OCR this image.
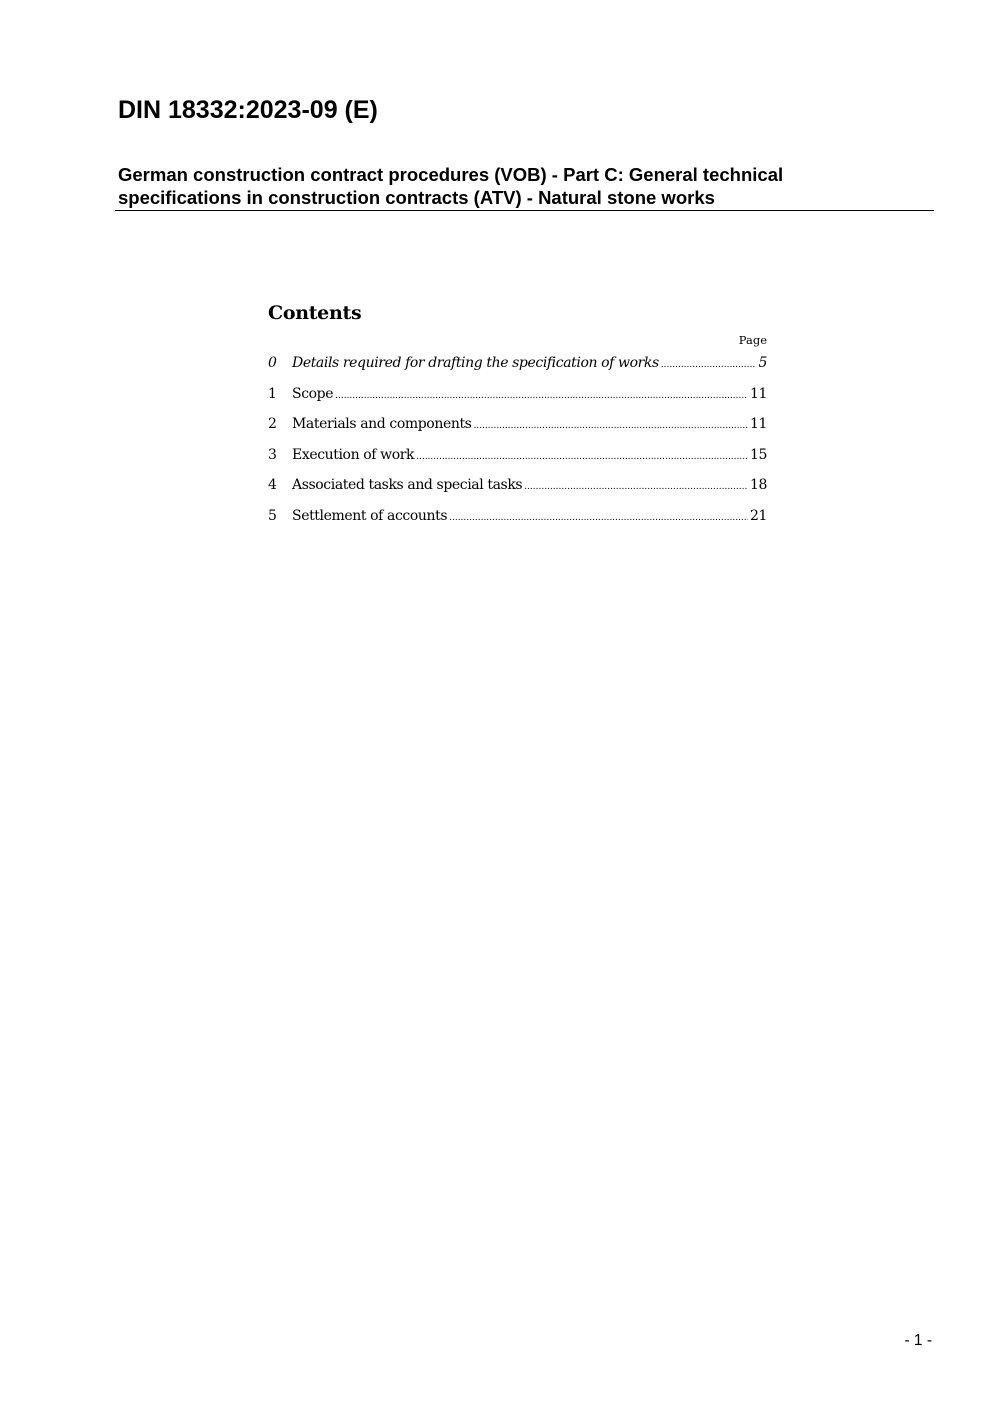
DIN 18332:2023-09 (E)
German construction contract procedures (VOB) - Part C: General technical
specifications in construction contracts (ATV) - Natural stone works
Contents
Page
0	Details required for drafting the specification of works .....	5
1	Scope .....	11
2	Materials and components .....	11
3	Execution of work .....	15
4	Associated tasks and special tasks .....	18
5	Settlement of accounts .....	21
- 1 -
